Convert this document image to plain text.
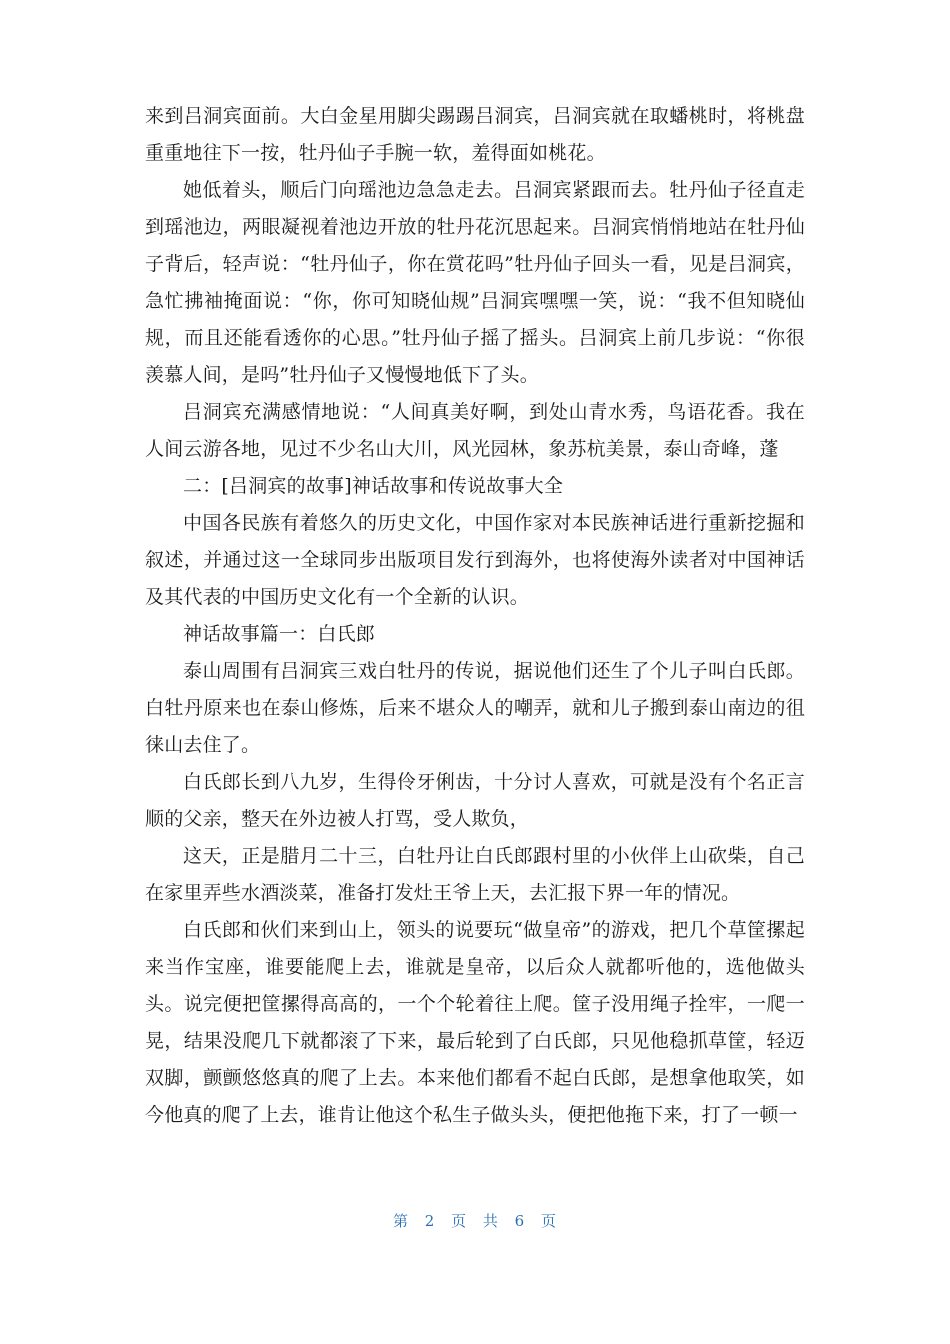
来到吕洞宾面前。大白金星用脚尖踢踢吕洞宾，吕洞宾就在取蟠桃时，将桃盘重重地往下一按，牡丹仙子手腕一软，羞得面如桃花。

她低着头，顺后门向瑶池边急急走去。吕洞宾紧跟而去。牡丹仙子径直走到瑶池边，两眼凝视着池边开放的牡丹花沉思起来。吕洞宾悄悄地站在牡丹仙子背后，轻声说：“牡丹仙子，你在赏花吗”牡丹仙子回头一看，见是吕洞宾，急忙拂袖掩面说：“你，你可知晓仙规”吕洞宾嘿嘿一笑，说：“我不但知晓仙规，而且还能看透你的心思。”牡丹仙子摇了摇头。吕洞宾上前几步说：“你很羡慕人间，是吗”牡丹仙子又慢慢地低下了头。

吕洞宾充满感情地说：“人间真美好啊，到处山青水秀，鸟语花香。我在人间云游各地，见过不少名山大川，风光园林，象苏杭美景，泰山奇峰，蓬

二：[吕洞宾的故事]神话故事和传说故事大全

中国各民族有着悠久的历史文化，中国作家对本民族神话进行重新挖掘和叙述，并通过这一全球同步出版项目发行到海外，也将使海外读者对中国神话及其代表的中国历史文化有一个全新的认识。

神话故事篇一：白氏郎

泰山周围有吕洞宾三戏白牡丹的传说，据说他们还生了个儿子叫白氏郎。白牡丹原来也在泰山修炼，后来不堪众人的嘲弄，就和儿子搬到泰山南边的徂徕山去住了。

白氏郎长到八九岁，生得伶牙俐齿，十分讨人喜欢，可就是没有个名正言顺的父亲，整天在外边被人打骂，受人欺负，

这天，正是腊月二十三，白牡丹让白氏郎跟村里的小伙伴上山砍柴，自己在家里弄些水酒淡菜，准备打发灶王爷上天，去汇报下界一年的情况。

白氏郎和伙们来到山上，领头的说要玩“做皇帝”的游戏，把几个草筐摞起来当作宝座，谁要能爬上去，谁就是皇帝，以后众人就都听他的，选他做头头。说完便把筐摞得高高的，一个个轮着往上爬。筐子没用绳子拴牢，一爬一晃，结果没爬几下就都滚了下来，最后轮到了白氏郎，只见他稳抓草筐，轻迈双脚，颤颤悠悠真的爬了上去。本来他们都看不起白氏郎，是想拿他取笑，如今他真的爬了上去，谁肯让他这个私生子做头头，便把他拖下来，打了一顿一

第 2 页 共 6 页
